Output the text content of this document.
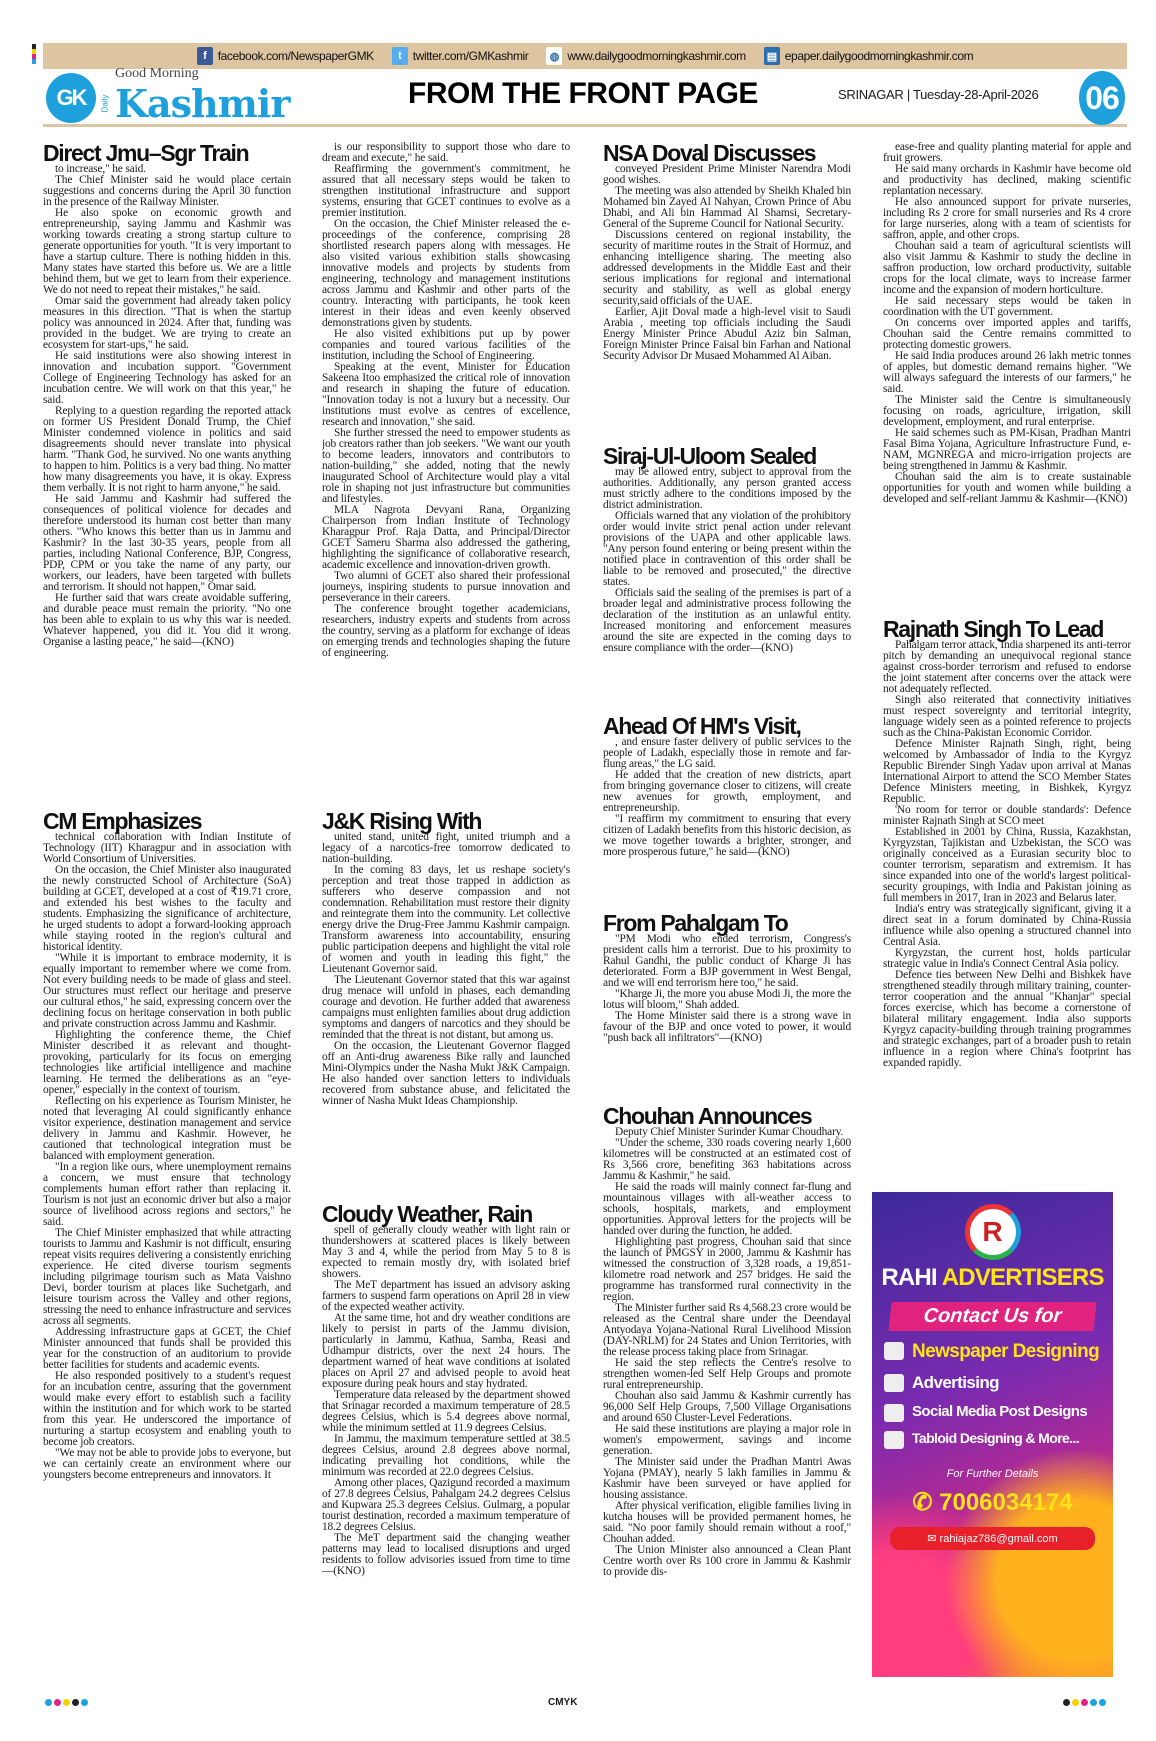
f facebook.com/NewspaperGMK	t twitter.com/GMKashmir	◍ www.dailygoodmorningkashmir.com ▤ epaper.dailygoodmorningkashmir.com
GK
Good Morning
Daily Kashmir	FROM THE FRONT PAGE	SRINAGAR | Tuesday-28-April-2026 06
Direct Jmu–Sgr Train

to increase," he said.

The Chief Minister said he would place certain suggestions and concerns during the April 30 function in the presence of the Railway Minister.

He also spoke on economic growth and entrepreneurship, saying Jammu and Kashmir was working towards creating a strong startup culture to generate opportunities for youth. "It is very important to have a startup culture. There is nothing hidden in this. Many states have started this before us. We are a little behind them, but we get to learn from their experience. We do not need to repeat their mistakes," he said.

Omar said the government had already taken policy measures in this direction. "That is when the startup policy was announced in 2024. After that, funding was provided in the budget. We are trying to create an ecosystem for start-ups," he said.

He said institutions were also showing interest in innovation and incubation support. "Government College of Engineering Technology has asked for an incubation centre. We will work on that this year," he said.

Replying to a question regarding the reported attack on former US President Donald Trump, the Chief Minister condemned violence in politics and said disagreements should never translate into physical harm. "Thank God, he survived. No one wants anything to happen to him. Politics is a very bad thing. No matter how many disagreements you have, it is okay. Express them verbally. It is not right to harm anyone," he said.

He said Jammu and Kashmir had suffered the consequences of political violence for decades and therefore understood its human cost better than many others. "Who knows this better than us in Jammu and Kashmir? In the last 30-35 years, people from all parties, including National Conference, BJP, Congress, PDP, CPM or you take the name of any party, our workers, our leaders, have been targeted with bullets and terrorism. It should not happen," Omar said.

He further said that wars create avoidable suffering, and durable peace must remain the priority. "No one has been able to explain to us why this war is needed. Whatever happened, you did it. You did it wrong. Organise a lasting peace," he said—(KNO)

CM Emphasizes

technical collaboration with Indian Institute of Technology (IIT) Kharagpur and in association with World Consortium of Universities.

On the occasion, the Chief Minister also inaugurated the newly constructed School of Architecture (SoA) building at GCET, developed at a cost of ₹19.71 crore, and extended his best wishes to the faculty and students. Emphasizing the significance of architecture, he urged students to adopt a forward-looking approach while staying rooted in the region's cultural and historical identity.

"While it is important to embrace modernity, it is equally important to remember where we come from. Not every building needs to be made of glass and steel. Our structures must reflect our heritage and preserve our cultural ethos," he said, expressing concern over the declining focus on heritage conservation in both public and private construction across Jammu and Kashmir.

Highlighting the conference theme, the Chief Minister described it as relevant and thought-provoking, particularly for its focus on emerging technologies like artificial intelligence and machine learning. He termed the deliberations as an "eye-opener," especially in the context of tourism.

Reflecting on his experience as Tourism Minister, he noted that leveraging AI could significantly enhance visitor experience, destination management and service delivery in Jammu and Kashmir. However, he cautioned that technological integration must be balanced with employment generation.

"In a region like ours, where unemployment remains a concern, we must ensure that technology complements human effort rather than replacing it. Tourism is not just an economic driver but also a major source of livelihood across regions and sectors," he said.

The Chief Minister emphasized that while attracting tourists to Jammu and Kashmir is not difficult, ensuring repeat visits requires delivering a consistently enriching experience. He cited diverse tourism segments including pilgrimage tourism such as Mata Vaishno Devi, border tourism at places like Suchetgarh, and leisure tourism across the Valley and other regions, stressing the need to enhance infrastructure and services across all segments.

Addressing infrastructure gaps at GCET, the Chief Minister announced that funds shall be provided this year for the construction of an auditorium to provide better facilities for students and academic events.

He also responded positively to a student's request for an incubation centre, assuring that the government would make every effort to establish such a facility within the institution and for which work to be started from this year. He underscored the importance of nurturing a startup ecosystem and enabling youth to become job creators.

"We may not be able to provide jobs to everyone, but we can certainly create an environment where our youngsters become entrepreneurs and innovators. It

is our responsibility to support those who dare to dream and execute," he said.

Reaffirming the government's commitment, he assured that all necessary steps would be taken to strengthen institutional infrastructure and support systems, ensuring that GCET continues to evolve as a premier institution.

On the occasion, the Chief Minister released the e-proceedings of the conference, comprising 28 shortlisted research papers along with messages. He also visited various exhibition stalls showcasing innovative models and projects by students from engineering, technology and management institutions across Jammu and Kashmir and other parts of the country. Interacting with participants, he took keen interest in their ideas and even keenly observed demonstrations given by students.

He also visited exhibitions put up by power companies and toured various facilities of the institution, including the School of Engineering.

Speaking at the event, Minister for Education Sakeena Itoo emphasized the critical role of innovation and research in shaping the future of education. "Innovation today is not a luxury but a necessity. Our institutions must evolve as centres of excellence, research and innovation," she said.

She further stressed the need to empower students as job creators rather than job seekers. "We want our youth to become leaders, innovators and contributors to nation-building," she added, noting that the newly inaugurated School of Architecture would play a vital role in shaping not just infrastructure but communities and lifestyles.

MLA Nagrota Devyani Rana, Organizing Chairperson from Indian Institute of Technology Kharagpur Prof. Raja Datta, and Principal/Director GCET Sameru Sharma also addressed the gathering, highlighting the significance of collaborative research, academic excellence and innovation-driven growth.

Two alumni of GCET also shared their professional journeys, inspiring students to pursue innovation and perseverance in their careers.

The conference brought together academicians, researchers, industry experts and students from across the country, serving as a platform for exchange of ideas on emerging trends and technologies shaping the future of engineering.

J&K Rising With

united stand, united fight, united triumph and a legacy of a narcotics-free tomorrow dedicated to nation-building.

In the coming 83 days, let us reshape society's perception and treat those trapped in addiction as sufferers who deserve compassion and not condemnation. Rehabilitation must restore their dignity and reintegrate them into the community. Let collective energy drive the Drug-Free Jammu Kashmir campaign. Transform awareness into accountability, ensuring public participation deepens and highlight the vital role of women and youth in leading this fight," the Lieutenant Governor said.

The Lieutenant Governor stated that this war against drug menace will unfold in phases, each demanding courage and devotion. He further added that awareness campaigns must enlighten families about drug addiction symptoms and dangers of narcotics and they should be reminded that the threat is not distant, but among us.

On the occasion, the Lieutenant Governor flagged off an Anti-drug awareness Bike rally and launched Mini-Olympics under the Nasha Mukt J&K Campaign. He also handed over sanction letters to individuals recovered from substance abuse, and felicitated the winner of Nasha Mukt Ideas Championship.

Cloudy Weather, Rain

spell of generally cloudy weather with light rain or thundershowers at scattered places is likely between May 3 and 4, while the period from May 5 to 8 is expected to remain mostly dry, with isolated brief showers.

The MeT department has issued an advisory asking farmers to suspend farm operations on April 28 in view of the expected weather activity.

At the same time, hot and dry weather conditions are likely to persist in parts of the Jammu division, particularly in Jammu, Kathua, Samba, Reasi and Udhampur districts, over the next 24 hours. The department warned of heat wave conditions at isolated places on April 27 and advised people to avoid heat exposure during peak hours and stay hydrated.

Temperature data released by the department showed that Srinagar recorded a maximum temperature of 28.5 degrees Celsius, which is 5.4 degrees above normal, while the minimum settled at 11.9 degrees Celsius.

In Jammu, the maximum temperature settled at 38.5 degrees Celsius, around 2.8 degrees above normal, indicating prevailing hot conditions, while the minimum was recorded at 22.0 degrees Celsius.

Among other places, Qazigund recorded a maximum of 27.8 degrees Celsius, Pahalgam 24.2 degrees Celsius and Kupwara 25.3 degrees Celsius. Gulmarg, a popular tourist destination, recorded a maximum temperature of 18.2 degrees Celsius.

The MeT department said the changing weather patterns may lead to localised disruptions and urged residents to follow advisories issued from time to time—(KNO)

NSA Doval Discusses

conveyed President Prime Minister Narendra Modi good wishes.

The meeting was also attended by Sheikh Khaled bin Mohamed bin Zayed Al Nahyan, Crown Prince of Abu Dhabi, and Ali bin Hammad Al Shamsi, Secretary-General of the Supreme Council for National Security.

Discussions centered on regional instability, the security of maritime routes in the Strait of Hormuz, and enhancing intelligence sharing. The meeting also addressed developments in the Middle East and their serious implications for regional and international security and stability, as well as global energy security,said officials of the UAE.

Earlier, Ajit Doval made a high-level visit to Saudi Arabia , meeting top officials including the Saudi Energy Minister Prince Abudul Aziz bin Salman, Foreign Minister Prince Faisal bin Farhan and National Security Advisor Dr Musaed Mohammed Al Aiban.

Siraj-Ul-Uloom Sealed

may be allowed entry, subject to approval from the authorities. Additionally, any person granted access must strictly adhere to the conditions imposed by the district administration.

Officials warned that any violation of the prohibitory order would invite strict penal action under relevant provisions of the UAPA and other applicable laws. "Any person found entering or being present within the notified place in contravention of this order shall be liable to be removed and prosecuted," the directive states.

Officials said the sealing of the premises is part of a broader legal and administrative process following the declaration of the institution as an unlawful entity. Increased monitoring and enforcement measures around the site are expected in the coming days to ensure compliance with the order—(KNO)

Ahead Of HM's Visit,

, and ensure faster delivery of public services to the people of Ladakh, especially those in remote and far-flung areas," the LG said.

He added that the creation of new districts, apart from bringing governance closer to citizens, will create new avenues for growth, employment, and entrepreneurship.

"I reaffirm my commitment to ensuring that every citizen of Ladakh benefits from this historic decision, as we move together towards a brighter, stronger, and more prosperous future," he said—(KNO)

From Pahalgam To

"PM Modi who ended terrorism, Congress's president calls him a terrorist. Due to his proximity to Rahul Gandhi, the public conduct of Kharge Ji has deteriorated. Form a BJP government in West Bengal, and we will end terrorism here too," he said.

"Kharge Ji, the more you abuse Modi Ji, the more the lotus will bloom," Shah added.

The Home Minister said there is a strong wave in favour of the BJP and once voted to power, it would "push back all infiltrators"—(KNO)

Chouhan Announces

Deputy Chief Minister Surinder Kumar Choudhary.

"Under the scheme, 330 roads covering nearly 1,600 kilometres will be constructed at an estimated cost of Rs 3,566 crore, benefiting 363 habitations across Jammu & Kashmir," he said.

He said the roads will mainly connect far-flung and mountainous villages with all-weather access to schools, hospitals, markets, and employment opportunities. Approval letters for the projects will be handed over during the function, he added.

Highlighting past progress, Chouhan said that since the launch of PMGSY in 2000, Jammu & Kashmir has witnessed the construction of 3,328 roads, a 19,851-kilometre road network and 257 bridges. He said the programme has transformed rural connectivity in the region.

The Minister further said Rs 4,568.23 crore would be released as the Central share under the Deendayal Antyodaya Yojana-National Rural Livelihood Mission (DAY-NRLM) for 24 States and Union Territories, with the release process taking place from Srinagar.

He said the step reflects the Centre's resolve to strengthen women-led Self Help Groups and promote rural entrepreneurship.

Chouhan also said Jammu & Kashmir currently has 96,000 Self Help Groups, 7,500 Village Organisations and around 650 Cluster-Level Federations.

He said these institutions are playing a major role in women's empowerment, savings and income generation.

The Minister said under the Pradhan Mantri Awas Yojana (PMAY), nearly 5 lakh families in Jammu & Kashmir have been surveyed or have applied for housing assistance.

After physical verification, eligible families living in kutcha houses will be provided permanent homes, he said. "No poor family should remain without a roof," Chouhan added.

The Union Minister also announced a Clean Plant Centre worth over Rs 100 crore in Jammu & Kashmir to provide dis-

ease-free and quality planting material for apple and fruit growers.

He said many orchards in Kashmir have become old and productivity has declined, making scientific replantation necessary.

He also announced support for private nurseries, including Rs 2 crore for small nurseries and Rs 4 crore for large nurseries, along with a team of scientists for saffron, apple, and other crops.

Chouhan said a team of agricultural scientists will also visit Jammu & Kashmir to study the decline in saffron production, low orchard productivity, suitable crops for the local climate, ways to increase farmer income and the expansion of modern horticulture.

He said necessary steps would be taken in coordination with the UT government.

On concerns over imported apples and tariffs, Chouhan said the Centre remains committed to protecting domestic growers.

He said India produces around 26 lakh metric tonnes of apples, but domestic demand remains higher. "We will always safeguard the interests of our farmers," he said.

The Minister said the Centre is simultaneously focusing on roads, agriculture, irrigation, skill development, employment, and rural enterprise.

He said schemes such as PM-Kisan, Pradhan Mantri Fasal Bima Yojana, Agriculture Infrastructure Fund, e-NAM, MGNREGA and micro-irrigation projects are being strengthened in Jammu & Kashmir.

Chouhan said the aim is to create sustainable opportunities for youth and women while building a developed and self-reliant Jammu & Kashmir—(KNO)

Rajnath Singh To Lead

Pahalgam terror attack, India sharpened its anti-terror pitch by demanding an unequivocal regional stance against cross-border terrorism and refused to endorse the joint statement after concerns over the attack were not adequately reflected.

Singh also reiterated that connectivity initiatives must respect sovereignty and territorial integrity, language widely seen as a pointed reference to projects such as the China-Pakistan Economic Corridor.

Defence Minister Rajnath Singh, right, being welcomed by Ambassador of India to the Kyrgyz Republic Birender Singh Yadav upon arrival at Manas International Airport to attend the SCO Member States Defence Ministers meeting, in Bishkek, Kyrgyz Republic.

'No room for terror or double standards': Defence minister Rajnath Singh at SCO meet

Established in 2001 by China, Russia, Kazakhstan, Kyrgyzstan, Tajikistan and Uzbekistan, the SCO was originally conceived as a Eurasian security bloc to counter terrorism, separatism and extremism. It has since expanded into one of the world's largest political-security groupings, with India and Pakistan joining as full members in 2017, Iran in 2023 and Belarus later.

India's entry was strategically significant, giving it a direct seat in a forum dominated by China-Russia influence while also opening a structured channel into Central Asia.

Kyrgyzstan, the current host, holds particular strategic value in India's Connect Central Asia policy.

Defence ties between New Delhi and Bishkek have strengthened steadily through military training, counter-terror cooperation and the annual "Khanjar" special forces exercise, which has become a cornerstone of bilateral military engagement. India also supports Kyrgyz capacity-building through training programmes and strategic exchanges, part of a broader push to retain influence in a region where China's footprint has expanded rapidly.

R
RAHI ADVERTISERS
Contact Us for
Newspaper Designing
Advertising
Social Media Post Designs
Tabloid Designing & More...
For Further Details
✆ 7006034174
✉ rahiajaz786@gmail.com
CMYK
